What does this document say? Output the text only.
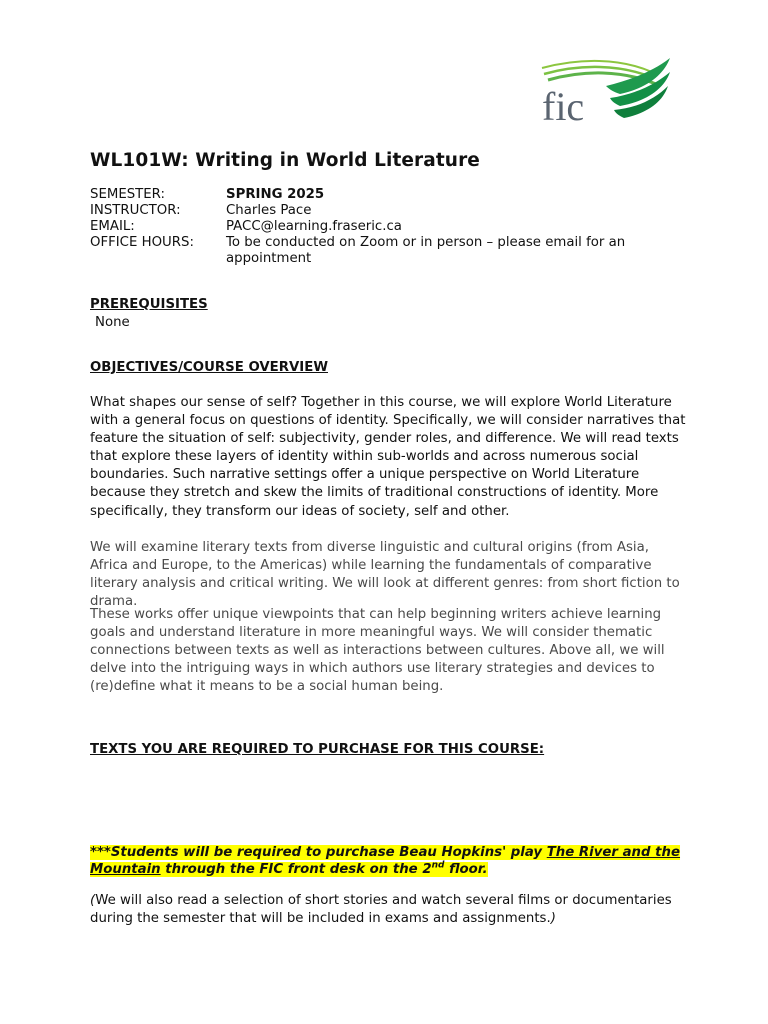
fic
WL101W: Writing in World Literature
SEMESTER:	SPRING 2025
INSTRUCTOR:	Charles Pace
EMAIL:	PACC@learning.fraseric.ca
OFFICE HOURS:	To be conducted on Zoom or in person – please email for an appointment
PREREQUISITES

None

OBJECTIVES/COURSE OVERVIEW

What shapes our sense of self? Together in this course, we will explore World Literature with a general focus on questions of identity. Specifically, we will consider narratives that feature the situation of self: subjectivity, gender roles, and difference. We will read texts that explore these layers of identity within sub-worlds and across numerous social boundaries. Such narrative settings offer a unique perspective on World Literature because they stretch and skew the limits of traditional constructions of identity. More specifically, they transform our ideas of society, self and other.

We will examine literary texts from diverse linguistic and cultural origins (from Asia, Africa and Europe, to the Americas) while learning the fundamentals of comparative literary analysis and critical writing. We will look at different genres: from short fiction to drama.

These works offer unique viewpoints that can help beginning writers achieve learning goals and understand literature in more meaningful ways. We will consider thematic connections between texts as well as interactions between cultures. Above all, we will delve into the intriguing ways in which authors use literary strategies and devices to (re)define what it means to be a social human being.

TEXTS YOU ARE REQUIRED TO PURCHASE FOR THIS COURSE:

***Students will be required to purchase Beau Hopkins' play The River and the Mountain through the FIC front desk on the 2nd floor.

(We will also read a selection of short stories and watch several films or documentaries during the semester that will be included in exams and assignments.)
